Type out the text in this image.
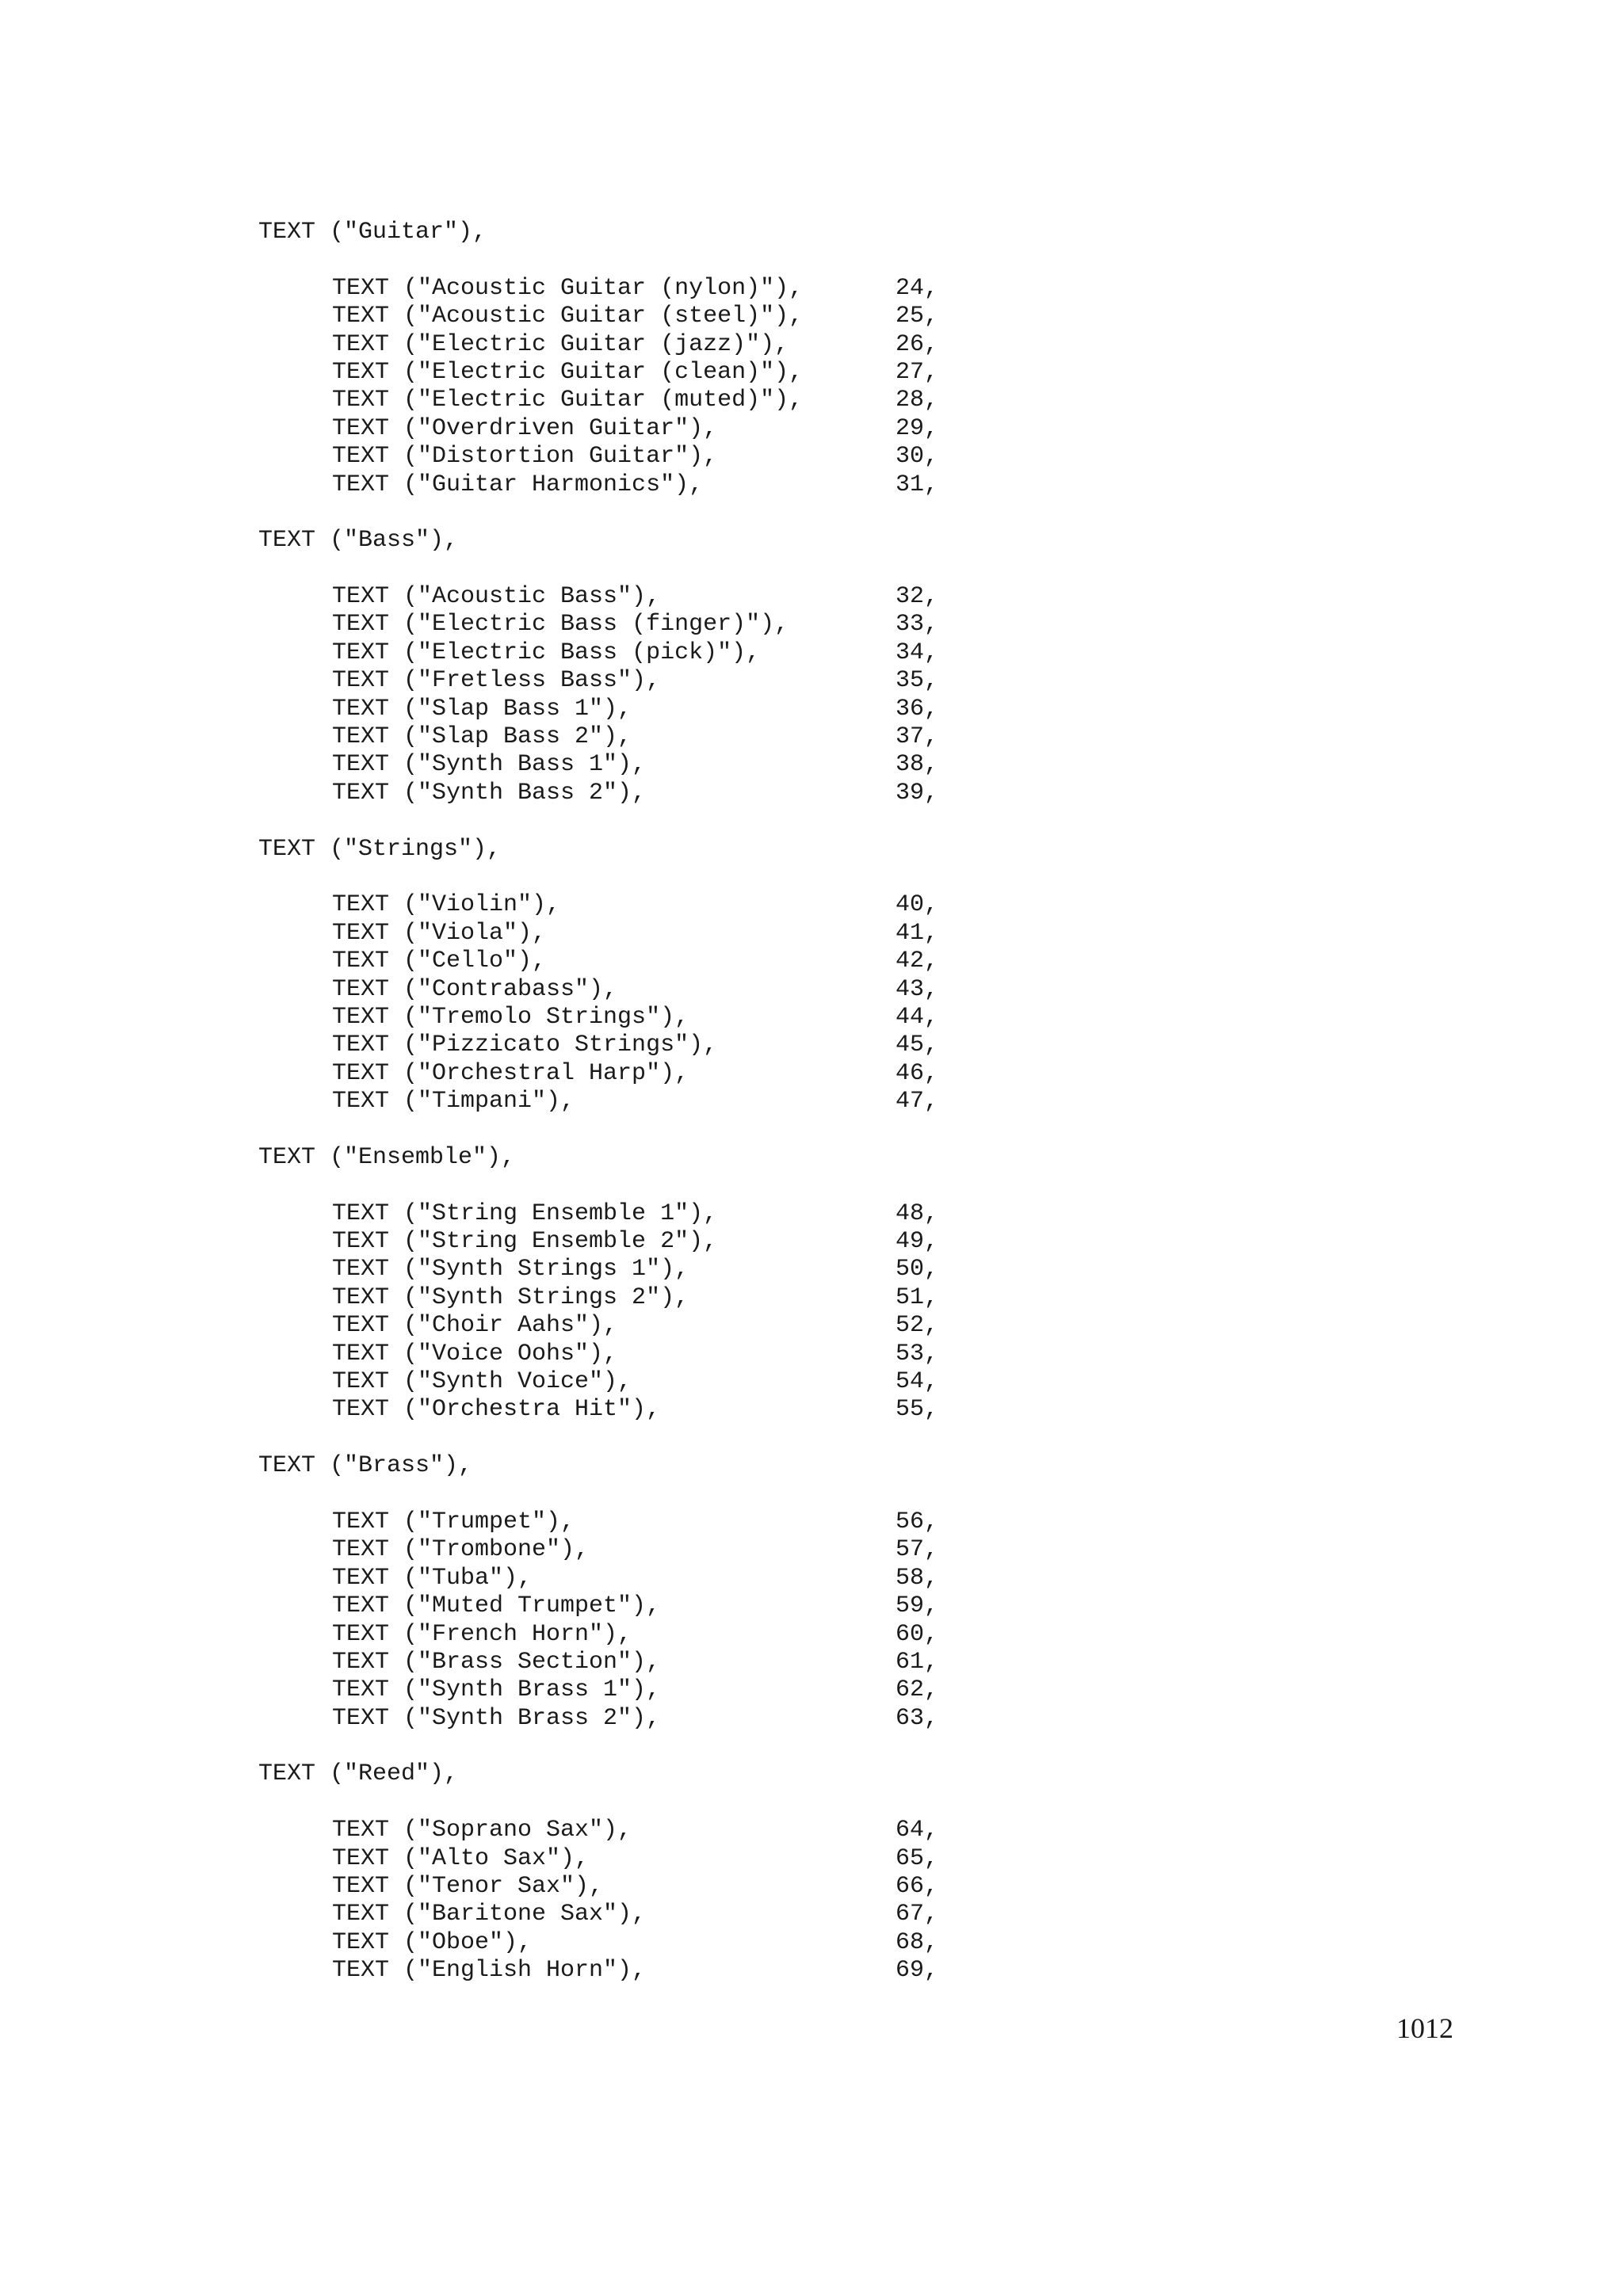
TEXT ("Guitar"),
TEXT ("Acoustic Guitar (nylon)"),	24,
TEXT ("Acoustic Guitar (steel)"),	25,
TEXT ("Electric Guitar (jazz)"),	26,
TEXT ("Electric Guitar (clean)"),	27,
TEXT ("Electric Guitar (muted)"),	28,
TEXT ("Overdriven Guitar"),	29,
TEXT ("Distortion Guitar"),	30,
TEXT ("Guitar Harmonics"),	31,
TEXT ("Bass"),
TEXT ("Acoustic Bass"),	32,
TEXT ("Electric Bass (finger)"),	33,
TEXT ("Electric Bass (pick)"),	34,
TEXT ("Fretless Bass"),	35,
TEXT ("Slap Bass 1"),	36,
TEXT ("Slap Bass 2"),	37,
TEXT ("Synth Bass 1"),	38,
TEXT ("Synth Bass 2"),	39,
TEXT ("Strings"),
TEXT ("Violin"),	40,
TEXT ("Viola"),	41,
TEXT ("Cello"),	42,
TEXT ("Contrabass"),	43,
TEXT ("Tremolo Strings"),	44,
TEXT ("Pizzicato Strings"),	45,
TEXT ("Orchestral Harp"),	46,
TEXT ("Timpani"),	47,
TEXT ("Ensemble"),
TEXT ("String Ensemble 1"),	48,
TEXT ("String Ensemble 2"),	49,
TEXT ("Synth Strings 1"),	50,
TEXT ("Synth Strings 2"),	51,
TEXT ("Choir Aahs"),	52,
TEXT ("Voice Oohs"),	53,
TEXT ("Synth Voice"),	54,
TEXT ("Orchestra Hit"),	55,
TEXT ("Brass"),
TEXT ("Trumpet"),	56,
TEXT ("Trombone"),	57,
TEXT ("Tuba"),	58,
TEXT ("Muted Trumpet"),	59,
TEXT ("French Horn"),	60,
TEXT ("Brass Section"),	61,
TEXT ("Synth Brass 1"),	62,
TEXT ("Synth Brass 2"),	63,
TEXT ("Reed"),
TEXT ("Soprano Sax"),	64,
TEXT ("Alto Sax"),	65,
TEXT ("Tenor Sax"),	66,
TEXT ("Baritone Sax"),	67,
TEXT ("Oboe"),	68,
TEXT ("English Horn"),	69,
1012
